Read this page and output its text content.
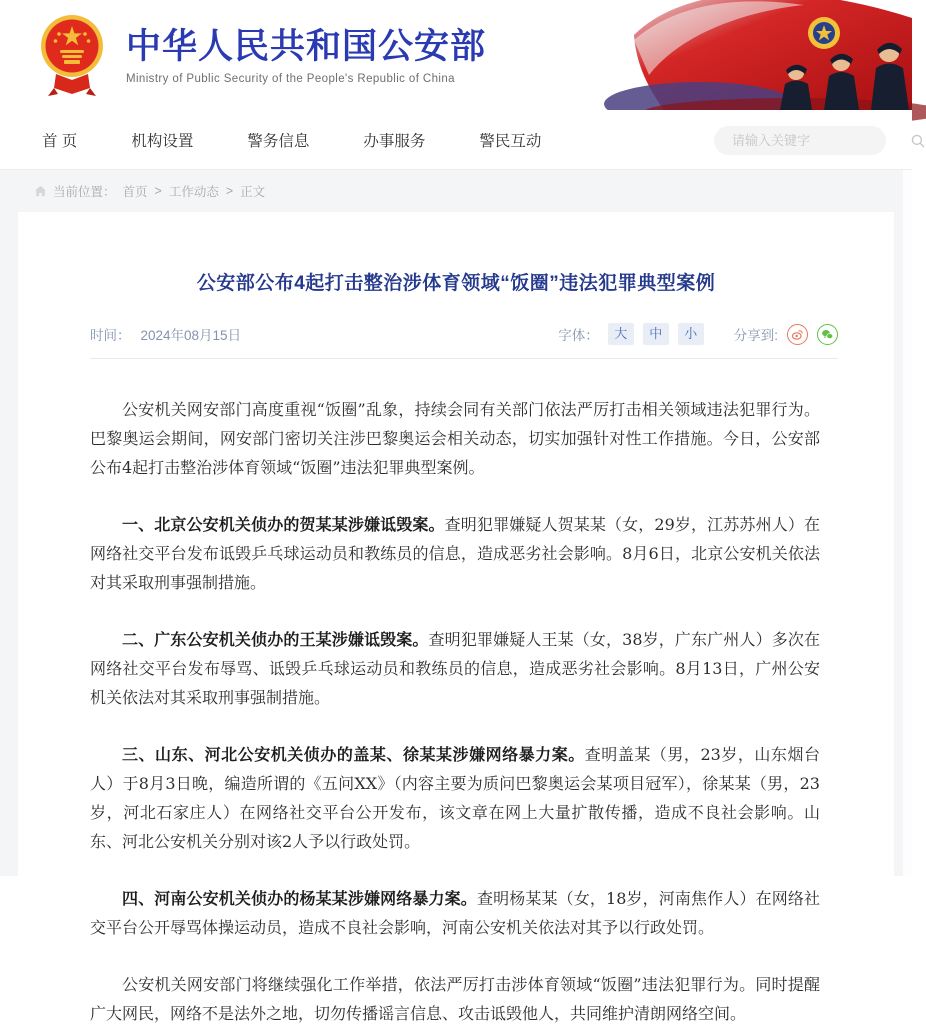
中华人民共和国公安部
Ministry of Public Security of the People's Republic of China
首 页	机构设置	警务信息	办事服务	警民互动
请输入关键字
当前位置： 首页 > 工作动态 > 正文
公安部公布4起打击整治涉体育领域“饭圈”违法犯罪典型案例
时间： 2024年08月15日	字体：	大	中	小	分享到:

公安机关网安部门高度重视“饭圈”乱象，持续会同有关部门依法严厉打击相关领域违法犯罪行为。巴黎奥运会期间，网安部门密切关注涉巴黎奥运会相关动态，切实加强针对性工作措施。今日，公安部公布4起打击整治涉体育领域“饭圈”违法犯罪典型案例。

一、北京公安机关侦办的贺某某涉嫌诋毁案。查明犯罪嫌疑人贺某某（女，29岁，江苏苏州人）在网络社交平台发布诋毁乒乓球运动员和教练员的信息，造成恶劣社会影响。8月6日，北京公安机关依法对其采取刑事强制措施。

二、广东公安机关侦办的王某涉嫌诋毁案。查明犯罪嫌疑人王某（女，38岁，广东广州人）多次在网络社交平台发布辱骂、诋毁乒乓球运动员和教练员的信息，造成恶劣社会影响。8月13日，广州公安机关依法对其采取刑事强制措施。

三、山东、河北公安机关侦办的盖某、徐某某涉嫌网络暴力案。查明盖某（男，23岁，山东烟台人）于8月3日晚，编造所谓的《五问XX》（内容主要为质问巴黎奥运会某项目冠军），徐某某（男，23岁，河北石家庄人）在网络社交平台公开发布，该文章在网上大量扩散传播，造成不良社会影响。山东、河北公安机关分别对该2人予以行政处罚。

四、河南公安机关侦办的杨某某涉嫌网络暴力案。查明杨某某（女，18岁，河南焦作人）在网络社交平台公开辱骂体操运动员，造成不良社会影响，河南公安机关依法对其予以行政处罚。

公安机关网安部门将继续强化工作举措，依法严厉打击涉体育领域“饭圈”违法犯罪行为。同时提醒广大网民，网络不是法外之地，切勿传播谣言信息、攻击诋毁他人，共同维护清朗网络空间。
